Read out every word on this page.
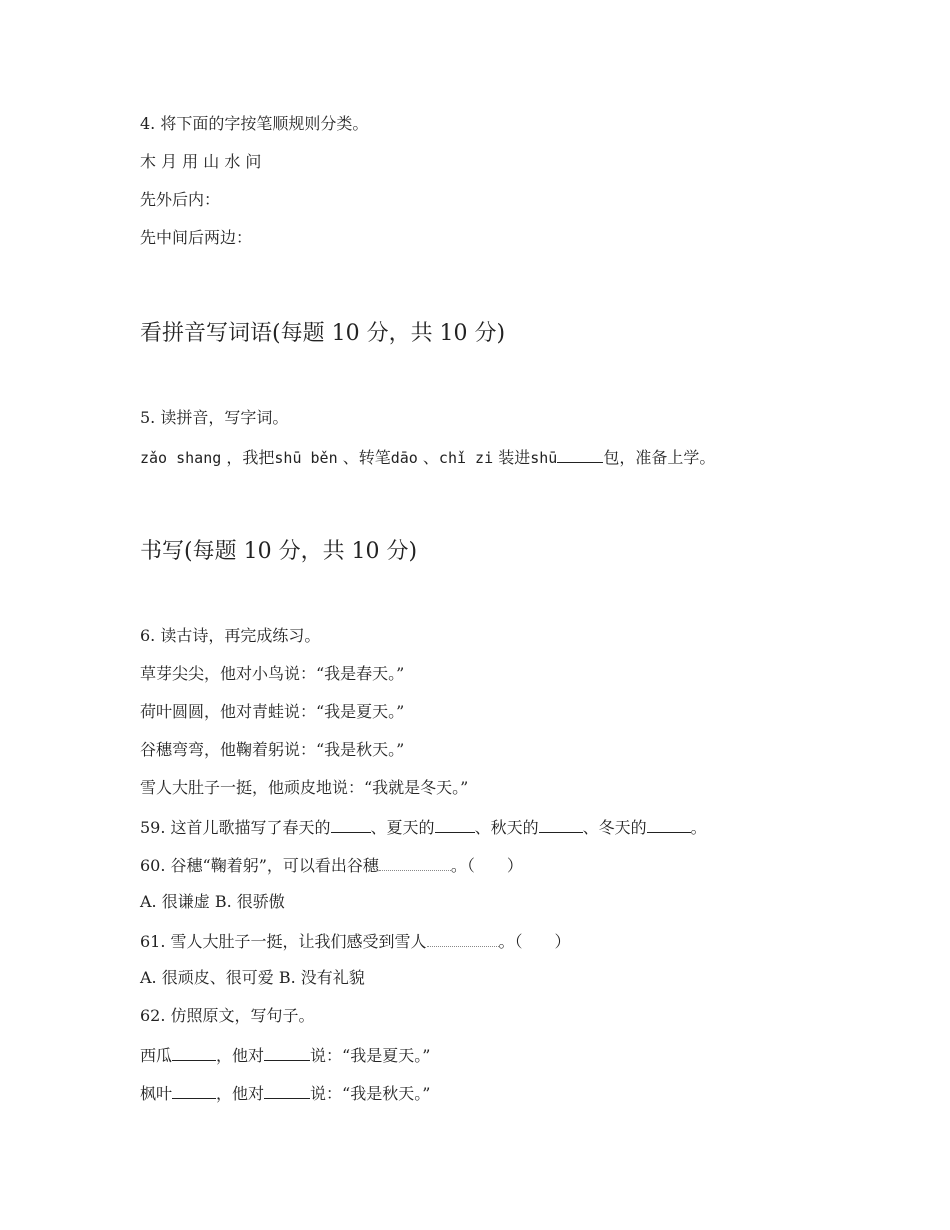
4. 将下面的字按笔顺规则分类。
木 月 用 山 水 问
先外后内：
先中间后两边：
看拼音写词语(每题 10 分，共 10 分)
5. 读拼音，写字词。
zǎo shang ，我把shū běn 、转笔dāo 、chǐ zi 装进shū	包，准备上学。
书写(每题 10 分，共 10 分)
6. 读古诗，再完成练习。
草芽尖尖，他对小鸟说：“我是春天。”
荷叶圆圆，他对青蛙说：“我是夏天。”
谷穗弯弯，他鞠着躬说：“我是秋天。”
雪人大肚子一挺，他顽皮地说：“我就是冬天。”
59. 这首儿歌描写了春天的	、夏天的	、秋天的	、冬天的	。
60. 谷穗“鞠着躬”，可以看出谷穗	。（　　）
A. 很谦虚 B. 很骄傲
61. 雪人大肚子一挺，让我们感受到雪人	。（　　）
A. 很顽皮、很可爱 B. 没有礼貌
62. 仿照原文，写句子。
西瓜	，他对	说：“我是夏天。”
枫叶	，他对	说：“我是秋天。”
